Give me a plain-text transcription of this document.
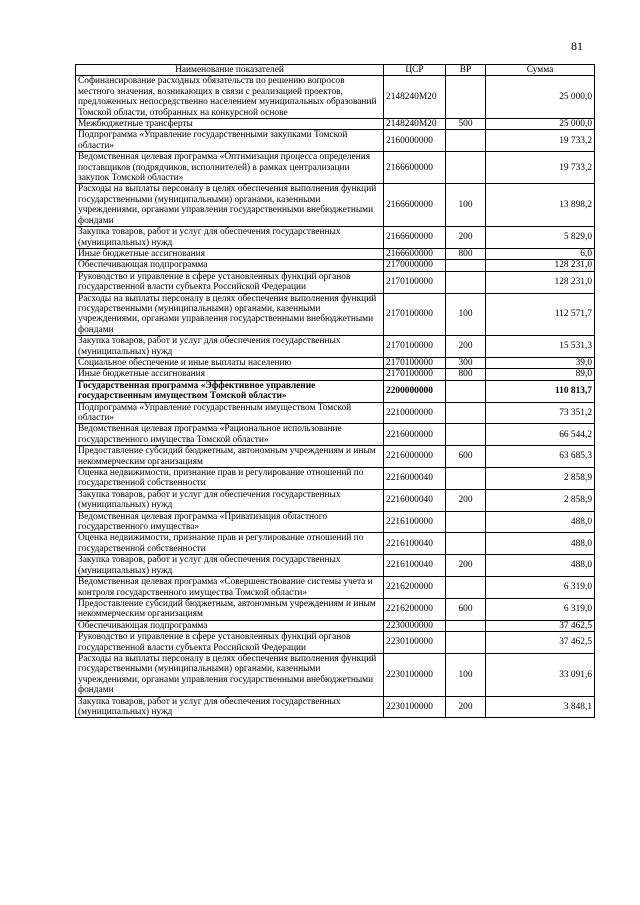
81
Наименование показателей	ЦСР	ВР	Сумма
Софинансирование расходных обязательств по решению вопросов местного значения, возникающих в связи с реализацией проектов, предложенных непосредственно населением муниципальных образований Томской области, отобранных на конкурсной основе	2148240М20		25 000,0
Межбюджетные трансферты	2148240М20	500	25 000,0
Подпрограмма «Управление государственными закупками Томской области»	2160000000		19 733,2
Ведомственная целевая программа «Оптимизация процесса определения поставщиков (подрядчиков, исполнителей) в рамках централизации закупок Томской области»	2166600000		19 733,2
Расходы на выплаты персоналу в целях обеспечения выполнения функций государственными (муниципальными) органами, казенными учреждениями, органами управления государственными внебюджетными фондами	2166600000	100	13 898,2
Закупка товаров, работ и услуг для обеспечения государственных (муниципальных) нужд	2166600000	200	5 829,0
Иные бюджетные ассигнования	2166600000	800	6,0
Обеспечивающая подпрограмма	2170000000		128 231,0
Руководство и управление в сфере установленных функций органов государственной власти субъекта Российской Федерации	2170100000		128 231,0
Расходы на выплаты персоналу в целях обеспечения выполнения функций государственными (муниципальными) органами, казенными учреждениями, органами управления государственными внебюджетными фондами	2170100000	100	112 571,7
Закупка товаров, работ и услуг для обеспечения государственных (муниципальных) нужд	2170100000	200	15 531,3
Социальное обеспечение и иные выплаты населению	2170100000	300	39,0
Иные бюджетные ассигнования	2170100000	800	89,0
Государственная программа «Эффективное управление государственным имуществом Томской области»	2200000000		110 813,7
Подпрограмма «Управление государственным имуществом Томской области»	2210000000		73 351,2
Ведомственная целевая программа «Рациональное использование государственного имущества Томской области»	2216000000		66 544,2
Предоставление субсидий бюджетным, автономным учреждениям и иным некоммерческим организациям	2216000000	600	63 685,3
Оценка недвижимости, признание прав и регулирование отношений по государственной собственности	2216000040		2 858,9
Закупка товаров, работ и услуг для обеспечения государственных (муниципальных) нужд	2216000040	200	2 858,9
Ведомственная целевая программа «Приватизация областного государственного имущества»	2216100000		488,0
Оценка недвижимости, признание прав и регулирование отношений по государственной собственности	2216100040		488,0
Закупка товаров, работ и услуг для обеспечения государственных (муниципальных) нужд	2216100040	200	488,0
Ведомственная целевая программа «Совершенствование системы учета и контроля государственного имущества Томской области»	2216200000		6 319,0
Предоставление субсидий бюджетным, автономным учреждениям и иным некоммерческим организациям	2216200000	600	6 319,0
Обеспечивающая подпрограмма	2230000000		37 462,5
Руководство и управление в сфере установленных функций органов государственной власти субъекта Российской Федерации	2230100000		37 462,5
Расходы на выплаты персоналу в целях обеспечения выполнения функций государственными (муниципальными) органами, казенными учреждениями, органами управления государственными внебюджетными фондами	2230100000	100	33 091,6
Закупка товаров, работ и услуг для обеспечения государственных (муниципальных) нужд	2230100000	200	3 848,1
